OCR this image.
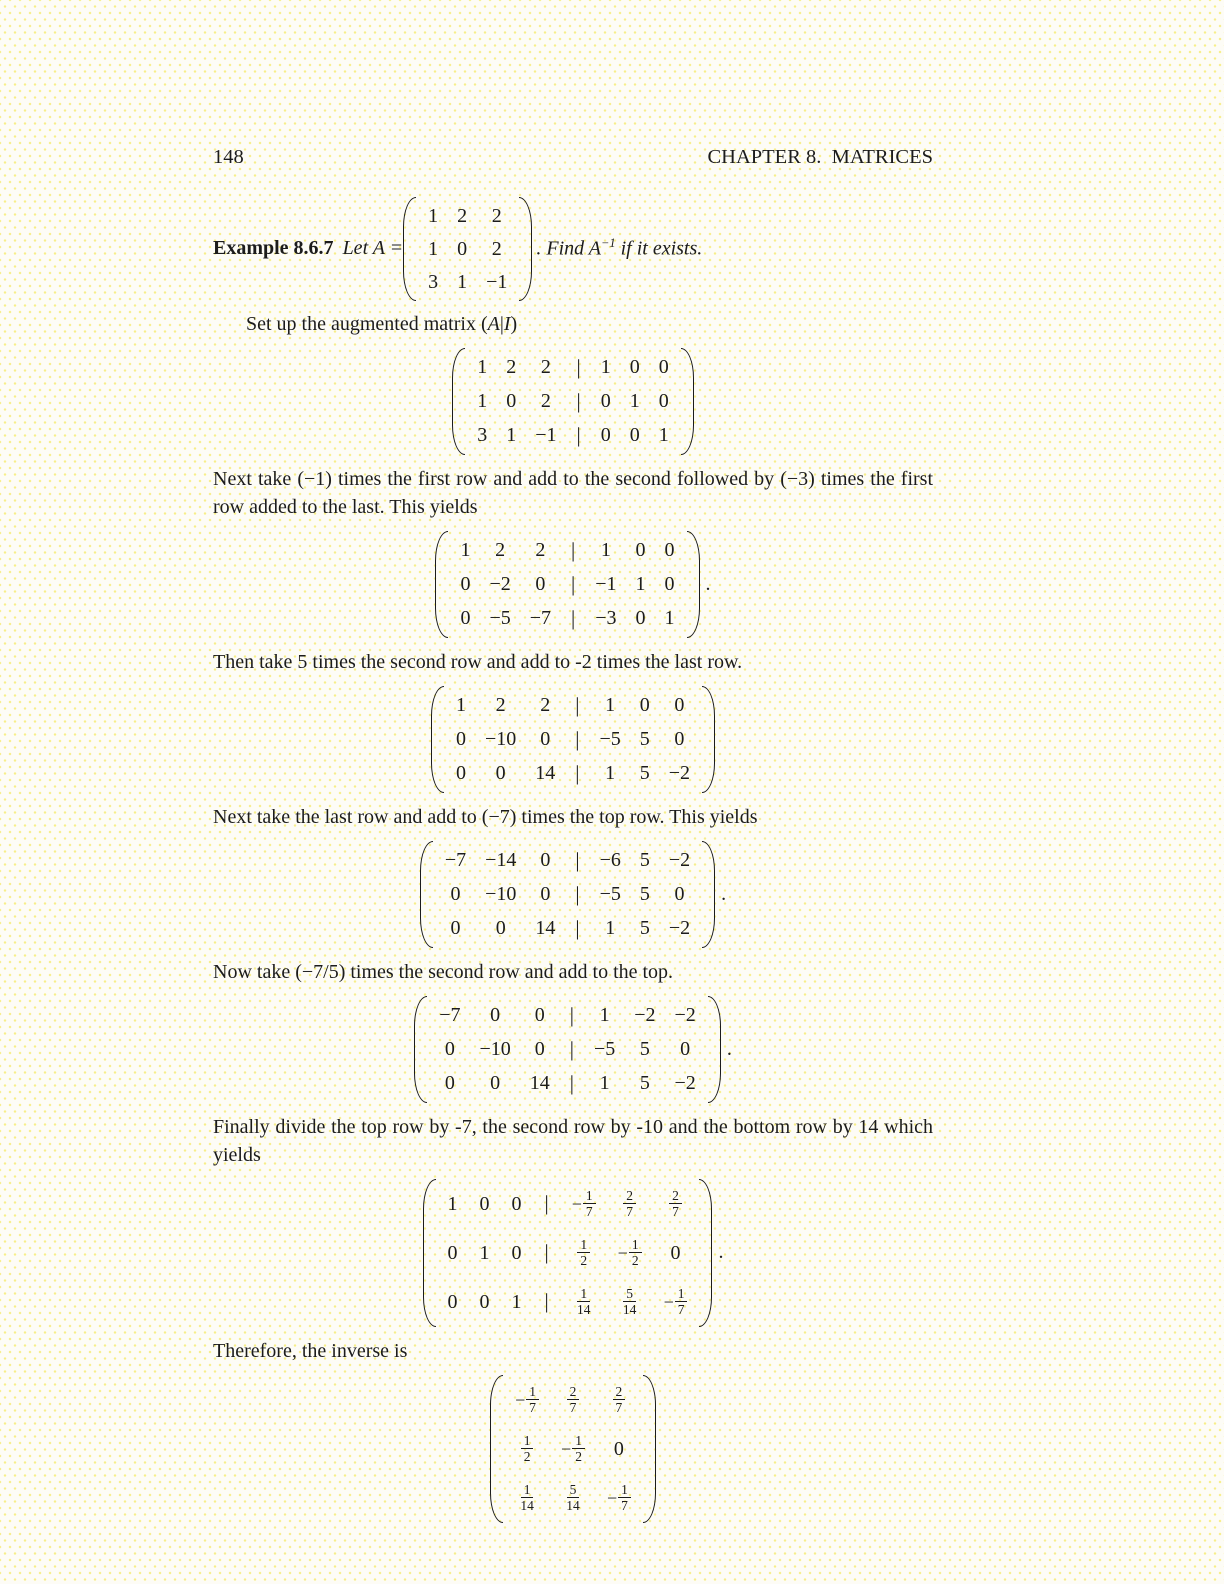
148	CHAPTER 8.  MATRICES
Example 8.6.7 Let A =
1 2 2
1 0 2
3 1 −1
. Find $A^{-1}$ if it exists.

Set up the augmented matrix (A|I)

1 2 2 | 1 0 0
1 0 2 | 0 1 0
3 1 −1 | 0 0 1

Next take (−1) times the first row and add to the second followed by (−3) times the first row added to the last. This yields

1 2 2 | 1 0 0
0 −2 0 | −1 1 0
0 −5 −7 | −3 0 1
.

Then take 5 times the second row and add to -2 times the last row.

1 2 2 | 1 0 0
0 −10 0 | −5 5 0
0 0 14 | 1 5 −2

Next take the last row and add to (−7) times the top row. This yields

−7 −14 0 | −6 5 −2
0 −10 0 | −5 5 0
0 0 14 | 1 5 −2
.

Now take (−7/5) times the second row and add to the top.

−7 0 0 | 1 −2 −2
0 −10 0 | −5 5 0
0 0 14 | 1 5 −2
.

Finally divide the top row by -7, the second row by -10 and the bottom row by 14 which yields

1 0 0 | − $\frac{1}{7} \frac{2}{7} \frac{2}{7}$
0 1 0 | $\frac{1}{2} - \frac{1}{2} 0$
0 0 1 | $\frac{1}{14} \frac{5}{14} - \frac{1}{7}$
.

Therefore, the inverse is

− $\frac{1}{7} \frac{2}{7} \frac{2}{7}$
$\frac{1}{2} - \frac{1}{2} 0$
$\frac{1}{14} \frac{5}{14} - \frac{1}{7}$
